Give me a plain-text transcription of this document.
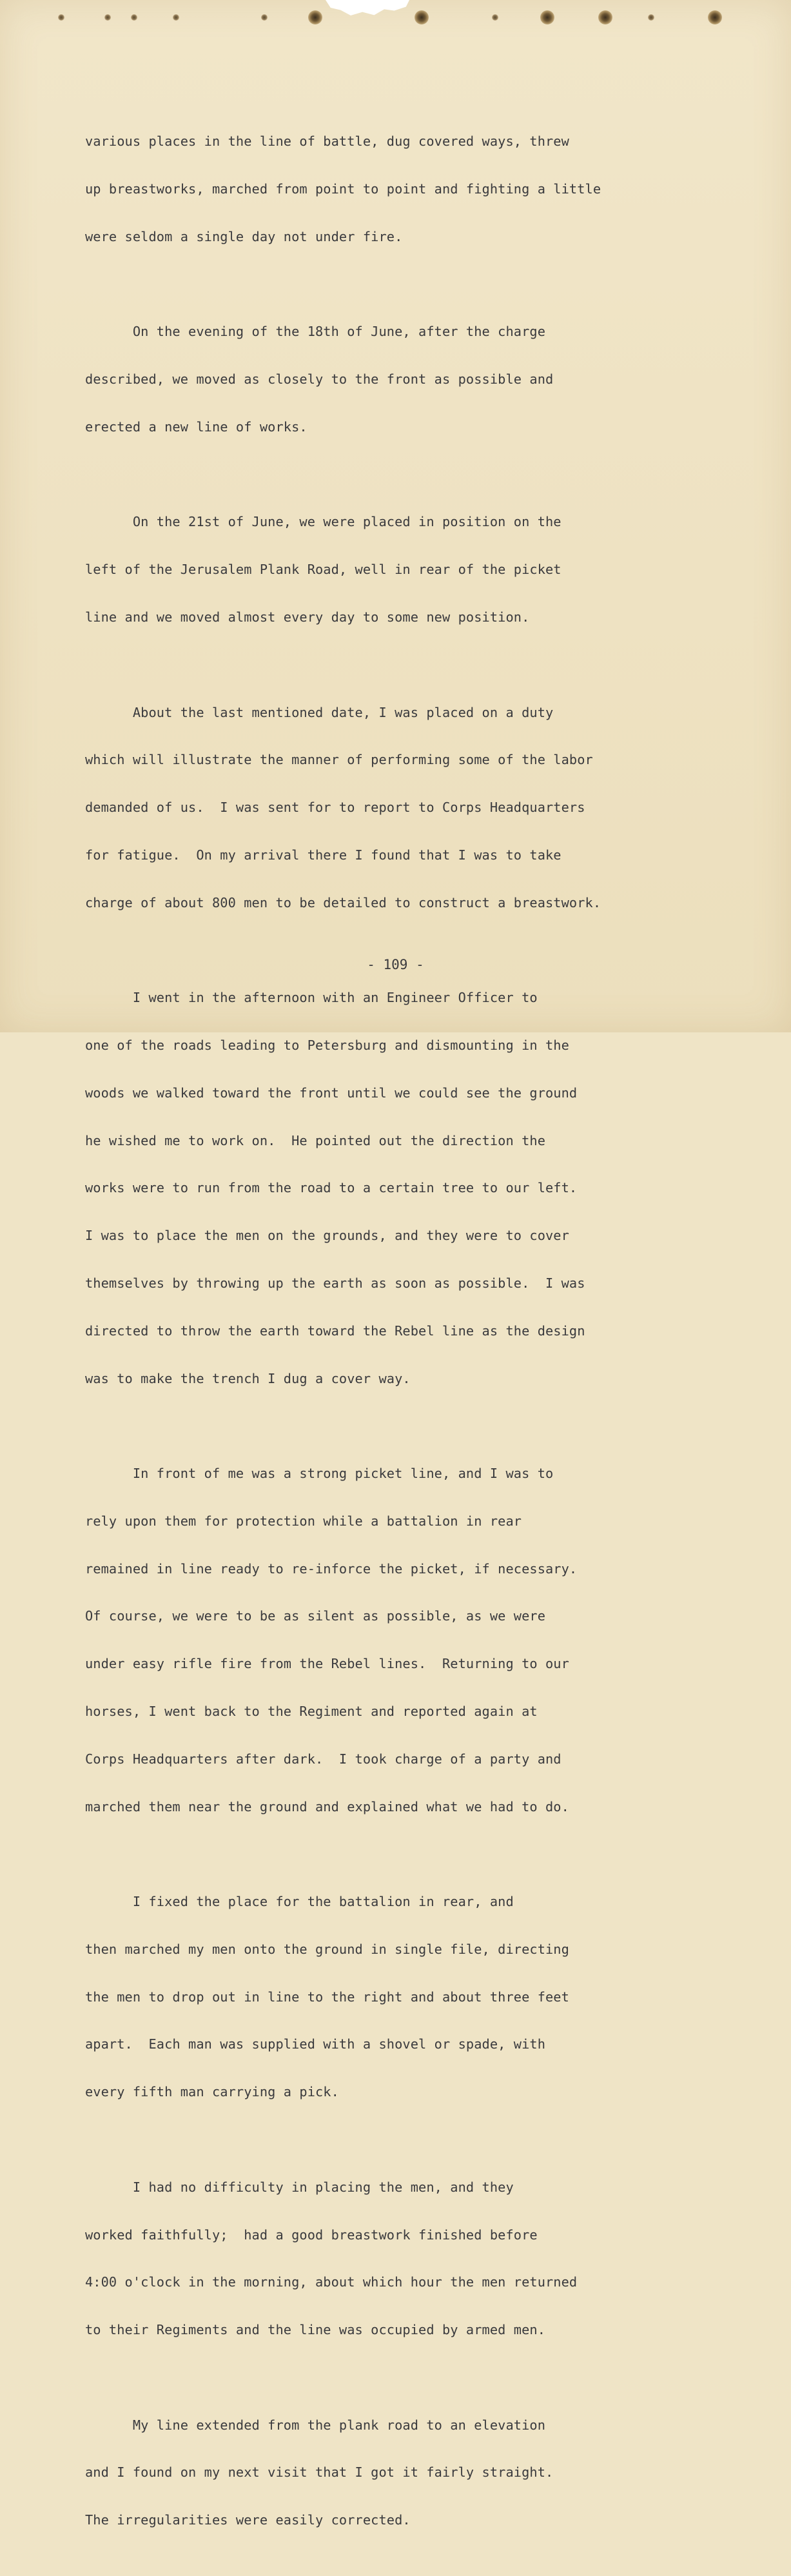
various places in the line of battle, dug covered ways, threw

up breastworks, marched from point to point and fighting a little

were seldom a single day not under fire.

On the evening of the 18th of June, after the charge

described, we moved as closely to the front as possible and

erected a new line of works.

On the 21st of June, we were placed in position on the

left of the Jerusalem Plank Road, well in rear of the picket

line and we moved almost every day to some new position.

About the last mentioned date, I was placed on a duty

which will illustrate the manner of performing some of the labor

demanded of us.  I was sent for to report to Corps Headquarters

for fatigue.  On my arrival there I found that I was to take

charge of about 800 men to be detailed to construct a breastwork.

I went in the afternoon with an Engineer Officer to

one of the roads leading to Petersburg and dismounting in the

woods we walked toward the front until we could see the ground

he wished me to work on.  He pointed out the direction the

works were to run from the road to a certain tree to our left.

I was to place the men on the grounds, and they were to cover

themselves by throwing up the earth as soon as possible.  I was

directed to throw the earth toward the Rebel line as the design

was to make the trench I dug a cover way.

In front of me was a strong picket line, and I was to

rely upon them for protection while a battalion in rear

remained in line ready to re-inforce the picket, if necessary.

Of course, we were to be as silent as possible, as we were

under easy rifle fire from the Rebel lines.  Returning to our

horses, I went back to the Regiment and reported again at

Corps Headquarters after dark.  I took charge of a party and

marched them near the ground and explained what we had to do.

I fixed the place for the battalion in rear, and

then marched my men onto the ground in single file, directing

the men to drop out in line to the right and about three feet

apart.  Each man was supplied with a shovel or spade, with

every fifth man carrying a pick.

I had no difficulty in placing the men, and they

worked faithfully;  had a good breastwork finished before

4:00 o'clock in the morning, about which hour the men returned

to their Regiments and the line was occupied by armed men.

My line extended from the plank road to an elevation

and I found on my next visit that I got it fairly straight.

The irregularities were easily corrected.

- 109 -
